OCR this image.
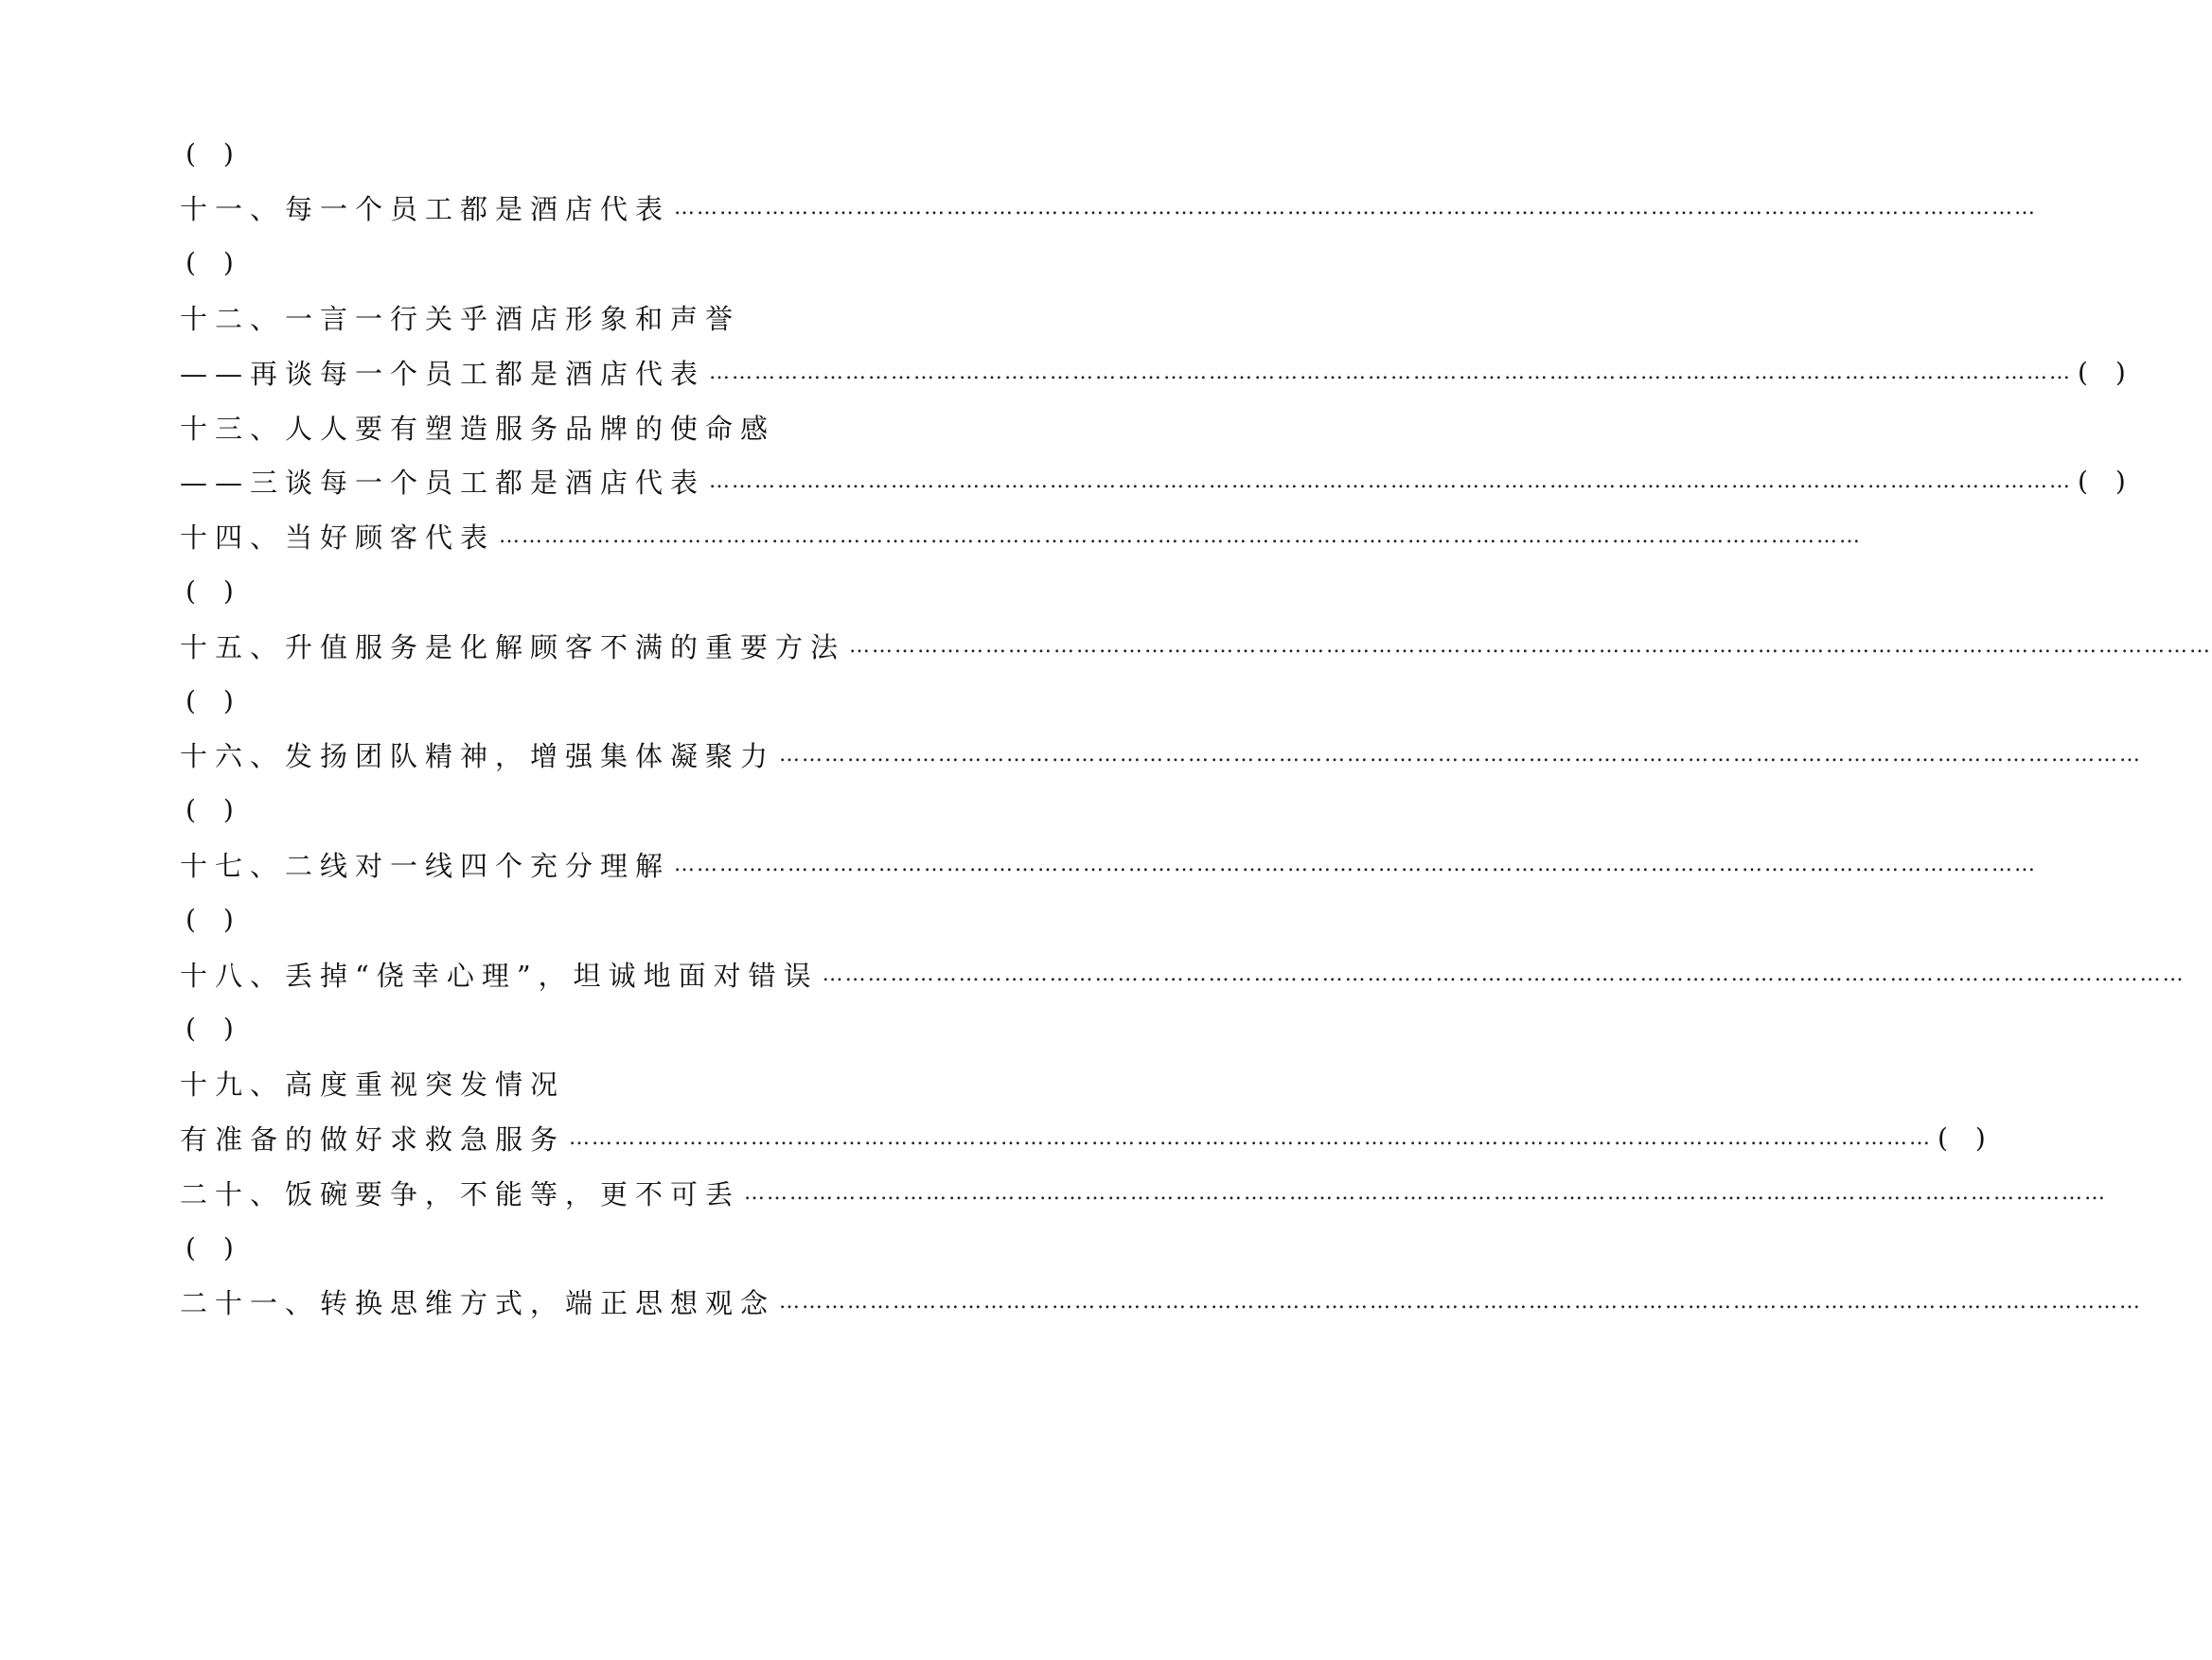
( )
十一、每一个员工都是酒店代表 ………………………………………………………………………………………………………………………………………………………………
( )
十二、一言一行关乎酒店形象和声誉
——再谈每一个员工都是酒店代表 ……………………………………………………………………………………………………………………………………………………………… ( )
十三、人人要有塑造服务品牌的使命感
——三谈每一个员工都是酒店代表 ……………………………………………………………………………………………………………………………………………………………… ( )
十四、当好顾客代表 ………………………………………………………………………………………………………………………………………………………………
( )
十五、升值服务是化解顾客不满的重要方法 ………………………………………………………………………………………………………………………………………………………………
( )
十六、发扬团队精神，增强集体凝聚力 ………………………………………………………………………………………………………………………………………………………………
( )
十七、二线对一线四个充分理解 ………………………………………………………………………………………………………………………………………………………………
( )
十八、丢掉“侥幸心理”，坦诚地面对错误 ………………………………………………………………………………………………………………………………………………………………
( )
十九、高度重视突发情况
有准备的做好求救急服务 ……………………………………………………………………………………………………………………………………………………………… ( )
二十、饭碗要争，不能等，更不可丢 ………………………………………………………………………………………………………………………………………………………………
( )
二十一、转换思维方式，端正思想观念 ………………………………………………………………………………………………………………………………………………………………
